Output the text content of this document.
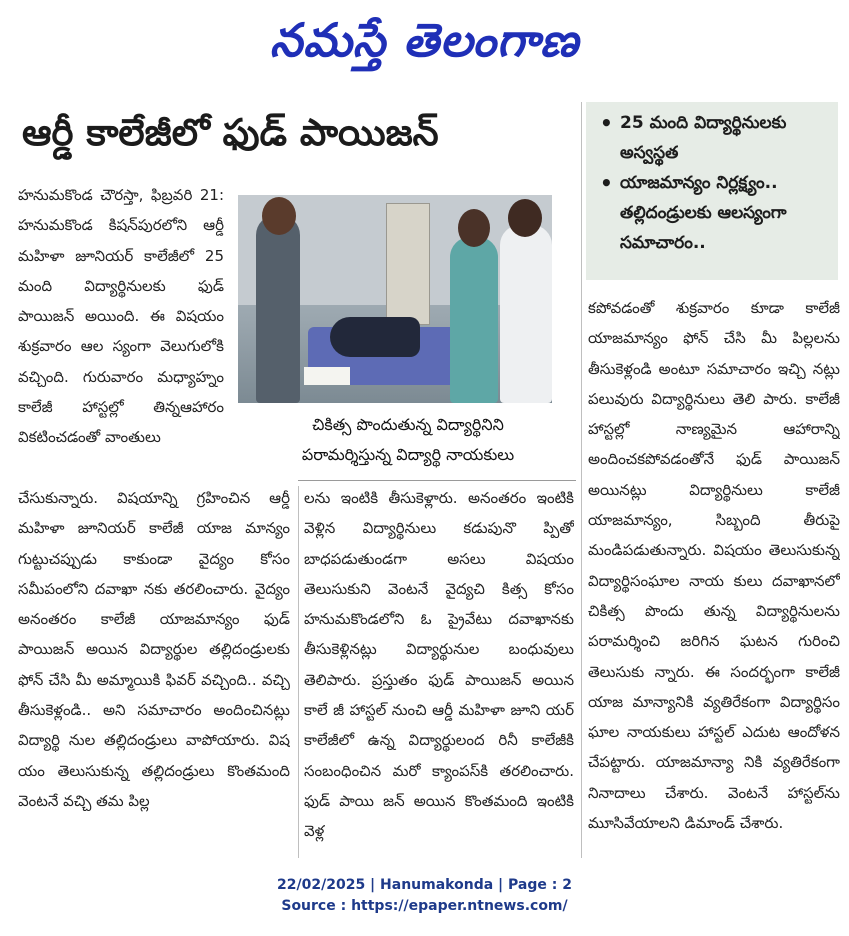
నమస్తే తెలంగాణ
ఆర్డీ కాలేజీలో ఫుడ్ పాయిజన్
•	25 మంది విద్యార్థినులకు అస్వస్థత
• యాజమాన్యం నిర్లక్ష్యం.. తల్లిదండ్రులకు ఆలస్యంగా సమాచారం..
చికిత్స పొందుతున్న విద్యార్థినిని
పరామర్శిస్తున్న విద్యార్థి నాయకులు

హనుమకొండ చౌరస్తా, ఫిబ్రవరి 21: హనుమకొండ కిషన్‌పురలోని ఆర్డీ మహిళా జూనియర్ కాలేజీలో 25 మంది విద్యార్థినులకు ఫుడ్ పాయిజన్ అయింది. ఈ విషయం శుక్రవారం ఆల స్యంగా వెలుగులోకి వచ్చింది. గురువారం మధ్యాహ్నం కాలేజీ హాస్టల్లో తిన్నఆహారం వికటించడంతో వాంతులు

చేసుకున్నారు. విషయాన్ని గ్రహించిన ఆర్డీ మహిళా జూనియర్ కాలేజీ యాజ మాన్యం గుట్టుచప్పుడు కాకుండా వైద్యం కోసం సమీపంలోని దవాఖా నకు తరలించారు. వైద్యం అనంతరం కాలేజీ యాజమాన్యం ఫుడ్ పాయిజన్ అయిన విద్యార్థుల తల్లిదండ్రులకు ఫోన్ చేసి మీ అమ్మాయికి ఫివర్ వచ్చింది.. వచ్చి తీసుకెళ్లండి.. అని సమాచారం అందించినట్లు విద్యార్థి నుల తల్లిదండ్రులు వాపోయారు. విష యం తెలుసుకున్న తల్లిదండ్రులు కొంతమంది వెంటనే వచ్చి తమ పిల్ల

లను ఇంటికి తీసుకెళ్లారు. అనంతరం ఇంటికి వెళ్లిన విద్యార్థినులు కడుపునొ ప్పితో బాధపడుతుండగా అసలు విషయం తెలుసుకుని వెంటనే వైద్యచి కిత్స కోసం హనుమకొండలోని ఓ ప్రైవేటు దవాఖానకు తీసుకెళ్లినట్లు విద్యార్థునుల బంధువులు తెలిపారు. ప్రస్తుతం ఫుడ్ పాయిజన్ అయిన కాలే జీ హాస్టల్ నుంచి ఆర్డీ మహిళా జూని యర్ కాలేజీలో ఉన్న విద్యార్థులంద రినీ కాలేజీకి సంబంధించిన మరో క్యాంపస్‌కి తరలించారు. ఫుడ్ పాయి జన్ అయిన కొంతమంది ఇంటికి వెళ్ల

కపోవడంతో శుక్రవారం కూడా కాలేజీ యాజమాన్యం ఫోన్ చేసి మీ పిల్లలను తీసుకెళ్లండి అంటూ సమాచారం ఇచ్చి నట్లు పలువురు విద్యార్థినులు తెలి పారు. కాలేజీ హాస్టల్లో నాణ్యమైన ఆహారాన్ని అందించకపోవడంతోనే ఫుడ్ పాయిజన్ అయినట్లు విద్యార్థినులు కాలేజీ యాజమాన్యం, సిబ్బంది తీరుపై మండిపడుతున్నారు. విషయం తెలుసుకున్న విద్యార్థిసంఘాల నాయ కులు దవాఖానలో చికిత్స పొందు తున్న విద్యార్థినులను పరామర్శించి జరిగిన ఘటన గురించి తెలుసుకు న్నారు. ఈ సందర్భంగా కాలేజీ యాజ మాన్యానికి వ్యతిరేకంగా విద్యార్థిసం ఘాల నాయకులు హాస్టల్ ఎదుట ఆందోళన చేపట్టారు. యాజమాన్యా నికి వ్యతిరేకంగా నినాదాలు చేశారు. వెంటనే హాస్టల్‌ను మూసివేయాలని డిమాండ్ చేశారు.

22/02/2025 | Hanumakonda | Page : 2
Source : https://epaper.ntnews.com/
